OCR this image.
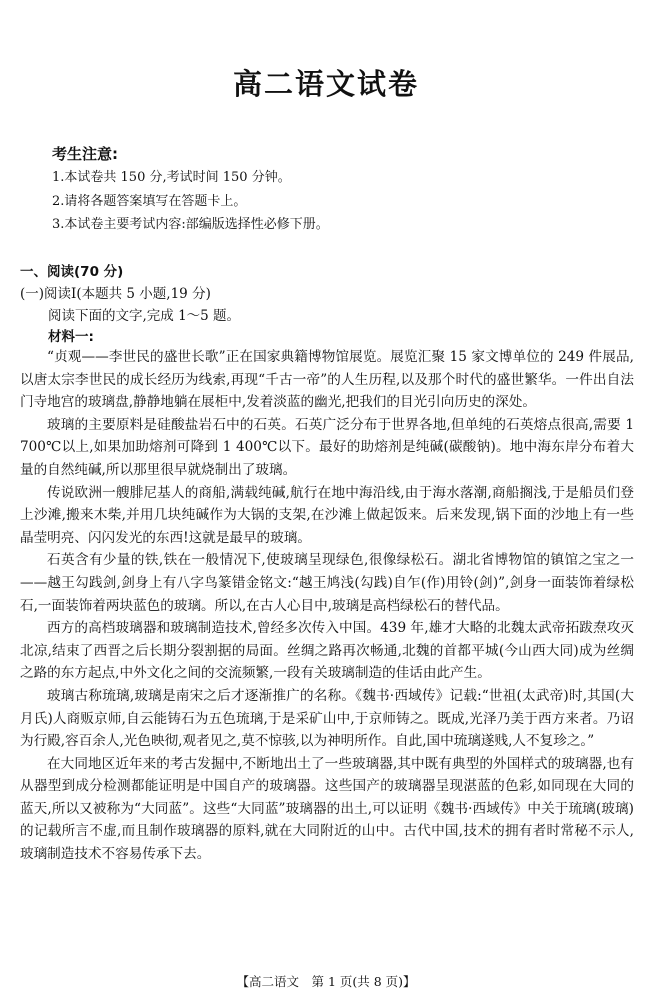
高二语文试卷
考生注意:
1.本试卷共 150 分,考试时间 150 分钟。
2.请将各题答案填写在答题卡上。
3.本试卷主要考试内容:部编版选择性必修下册。
一、阅读(70 分)
(一)阅读Ⅰ(本题共 5 小题,19 分)
阅读下面的文字,完成 1～5 题。
材料一:

“贞观——李世民的盛世长歌”正在国家典籍博物馆展览。展览汇聚 15 家文博单位的 249 件展品,以唐太宗李世民的成长经历为线索,再现“千古一帝”的人生历程,以及那个时代的盛世繁华。一件出自法门寺地宫的玻璃盘,静静地躺在展柜中,发着淡蓝的幽光,把我们的目光引向历史的深处。

玻璃的主要原料是硅酸盐岩石中的石英。石英广泛分布于世界各地,但单纯的石英熔点很高,需要 1 700℃以上,如果加助熔剂可降到 1 400℃以下。最好的助熔剂是纯碱(碳酸钠)。地中海东岸分布着大量的自然纯碱,所以那里很早就烧制出了玻璃。

传说欧洲一艘腓尼基人的商船,满载纯碱,航行在地中海沿线,由于海水落潮,商船搁浅,于是船员们登上沙滩,搬来木柴,并用几块纯碱作为大锅的支架,在沙滩上做起饭来。后来发现,锅下面的沙地上有一些晶莹明亮、闪闪发光的东西!这就是最早的玻璃。

石英含有少量的铁,铁在一般情况下,使玻璃呈现绿色,很像绿松石。湖北省博物馆的镇馆之宝之一——越王勾践剑,剑身上有八字鸟篆错金铭文:“越王鸠浅(勾践)自乍(作)用铃(剑)”,剑身一面装饰着绿松石,一面装饰着两块蓝色的玻璃。所以,在古人心目中,玻璃是高档绿松石的替代品。

西方的高档玻璃器和玻璃制造技术,曾经多次传入中国。439 年,雄才大略的北魏太武帝拓跋焘攻灭北凉,结束了西晋之后长期分裂割据的局面。丝绸之路再次畅通,北魏的首都平城(今山西大同)成为丝绸之路的东方起点,中外文化之间的交流频繁,一段有关玻璃制造的佳话由此产生。

玻璃古称琉璃,玻璃是南宋之后才逐渐推广的名称。《魏书·西域传》记载:“世祖(太武帝)时,其国(大月氏)人商贩京师,自云能铸石为五色琉璃,于是采矿山中,于京师铸之。既成,光泽乃美于西方来者。乃诏为行殿,容百余人,光色映彻,观者见之,莫不惊骇,以为神明所作。自此,国中琉璃遂贱,人不复珍之。”

在大同地区近年来的考古发掘中,不断地出土了一些玻璃器,其中既有典型的外国样式的玻璃器,也有从器型到成分检测都能证明是中国自产的玻璃器。这些国产的玻璃器呈现湛蓝的色彩,如同现在大同的蓝天,所以又被称为“大同蓝”。这些“大同蓝”玻璃器的出土,可以证明《魏书·西域传》中关于琉璃(玻璃)的记载所言不虚,而且制作玻璃器的原料,就在大同附近的山中。古代中国,技术的拥有者时常秘不示人,玻璃制造技术不容易传承下去。

【高二语文　第 1 页(共 8 页)】
